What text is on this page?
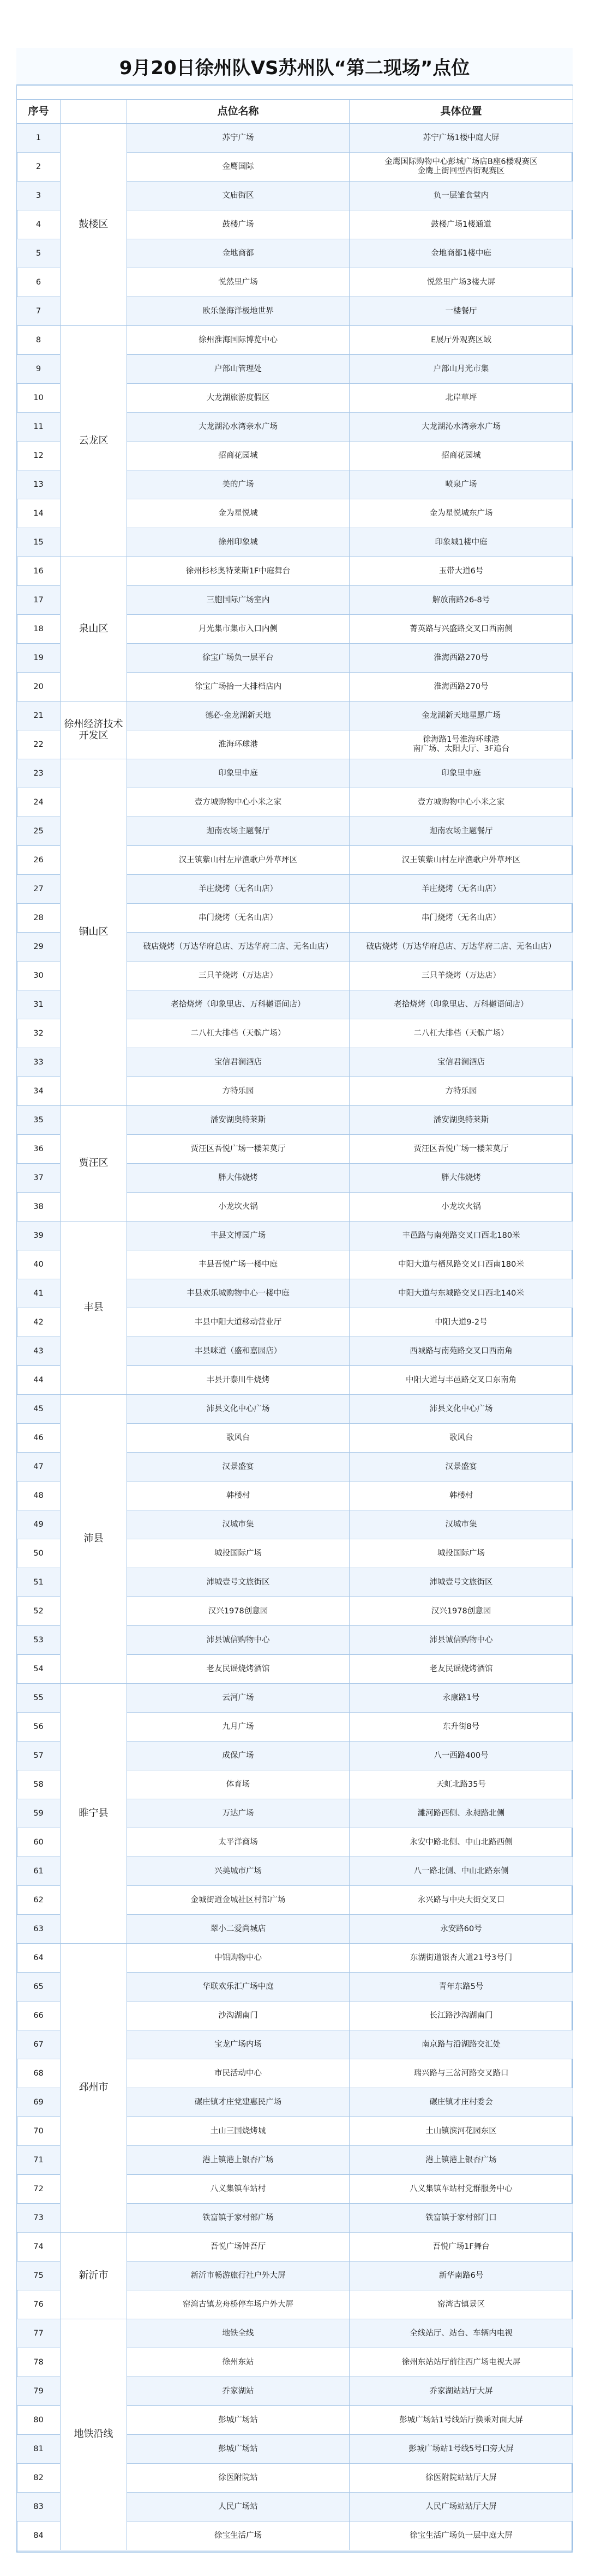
9月20日徐州队VS苏州队“第二现场”点位

序号		点位名称	具体位置
1	鼓楼区	苏宁广场	苏宁广场1楼中庭大屏
2		金鹰国际	金鹰国际购物中心彭城广场店B座6楼观赛区
金鹰上街回型西街观赛区
3		文庙街区	负一层雏食堂内
4		鼓楼广场	鼓楼广场1楼通道
5		金地商都	金地商都1楼中庭
6		悦然里广场	悦然里广场3楼大屏
7		欧乐堡海洋极地世界	一楼餐厅
8	云龙区	徐州淮海国际博览中心	E展厅外观赛区域
9		户部山管理处	户部山月光市集
10		大龙湖旅游度假区	北岸草坪
11		大龙湖沁水湾亲水广场	大龙湖沁水湾亲水广场
12		招商花园城	招商花园城
13		美的广场	喷泉广场
14		金为星悦城	金为星悦城东广场
15		徐州印象城	印象城1楼中庭
16	泉山区	徐州杉杉奥特莱斯1F中庭舞台	玉带大道6号
17		三胞国际广场室内	解放南路26-8号
18		月光集市集市入口内侧	菁英路与兴盛路交叉口西南侧
19		徐宝广场负一层平台	淮海西路270号
20		徐宝广场拾一大排档店内	淮海西路270号
21	徐州经济技术开发区	德必·金龙湖新天地	金龙湖新天地星愿广场
22		淮海环球港	徐海路1号淮海环球港
南广场、太阳大厅、3F追台
23	铜山区	印象里中庭	印象里中庭
24		壹方城购物中心小米之家	壹方城购物中心小米之家
25		迦南农场主题餐厅	迦南农场主题餐厅
26		汉王镇紫山村左岸渔歌户外草坪区	汉王镇紫山村左岸渔歌户外草坪区
27		羊庄烧烤（无名山店）	羊庄烧烤（无名山店）
28		串门烧烤（无名山店）	串门烧烤（无名山店）
29		破店烧烤（万达华府总店、万达华府二店、无名山店）	破店烧烤（万达华府总店、万达华府二店、无名山店）
30		三只羊烧烤（万达店）	三只羊烧烤（万达店）
31		老拾烧烤（印象里店、万科樾语间店）	老拾烧烤（印象里店、万科樾语间店）
32		二八杠大排档（天髌广场）	二八杠大排档（天髌广场）
33		宝信君澜酒店	宝信君澜酒店
34		方特乐园	方特乐园
35	贾汪区	潘安湖奥特莱斯	潘安湖奥特莱斯
36		贾汪区吾悦广场一楼茉莫厅	贾汪区吾悦广场一楼茉莫厅
37		胖大伟烧烤	胖大伟烧烤
38		小龙坎火锅	小龙坎火锅
39	丰县	丰县文博园广场	丰邑路与南苑路交叉口西北180米
40		丰县吾悦广场一楼中庭	中阳大道与栖凤路交叉口西南180米
41		丰县欢乐城购物中心一楼中庭	中阳大道与东城路交叉口西北140米
42		丰县中阳大道移动营业厅	中阳大道9-2号
43		丰县咪道（盛和嘉园店）	西城路与南苑路交叉口西南角
44		丰县开泰川牛烧烤	中阳大道与丰邑路交叉口东南角
45	沛县	沛县文化中心广场	沛县文化中心广场
46		歌风台	歌风台
47		汉景盛宴	汉景盛宴
48		韩楼村	韩楼村
49		汉城市集	汉城市集
50		城投国际广场	城投国际广场
51		沛城壹号文旅街区	沛城壹号文旅街区
52		汉兴1978创意园	汉兴1978创意园
53		沛县诚信购物中心	沛县诚信购物中心
54		老友民谣烧烤酒馆	老友民谣烧烤酒馆
55	睢宁县	云河广场	永康路1号
56		九月广场	东升街8号
57		成保广场	八一西路400号
58		体育场	天虹北路35号
59		万达广场	濉河路西侧、永昶路北侧
60		太平洋商场	永安中路北侧、中山北路西侧
61		兴美城市广场	八一路北侧、中山北路东侧
62		金城街道金城社区村部广场	永兴路与中央大街交叉口
63		翠小二爱尚城店	永安路60号
64	邳州市	中铝购物中心	东湖街道银杏大道21号3号门
65		华联欢乐汇广场中庭	青年东路5号
66		沙沟湖南门	长江路沙沟湖南门
67		宝龙广场内场	南京路与沿湖路交汇处
68		市民活动中心	瑞兴路与三岔河路交叉路口
69		碾庄镇才庄党建惠民广场	碾庄镇才庄村委会
70		土山三国烧烤城	土山镇滨河花园东区
71		港上镇港上银杏广场	港上镇港上银杏广场
72		八义集镇车站村	八义集镇车站村党群服务中心
73		铁富镇于家村部广场	铁富镇于家村部门口
74	新沂市	吾悦广场钟吾厅	吾悦广场1F舞台
75		新沂市畅游旅行社户外大屏	新华南路6号
76		窑湾古镇龙舟桥停车场户外大屏	窑湾古镇景区
77	地铁沿线	地铁全线	全线站厅、站台、车辆内电视
78		徐州东站	徐州东站站厅前往西广场电视大屏
79		乔家湖站	乔家湖站站厅大屏
80		彭城广场站	彭城广场站1号线站厅换乘对面大屏
81		彭城广场站	彭城广场站1号线5号口旁大屏
82		徐医附院站	徐医附院站站厅大屏
83		人民广场站	人民广场站站厅大屏
84		徐宝生活广场	徐宝生活广场负一层中庭大屏
